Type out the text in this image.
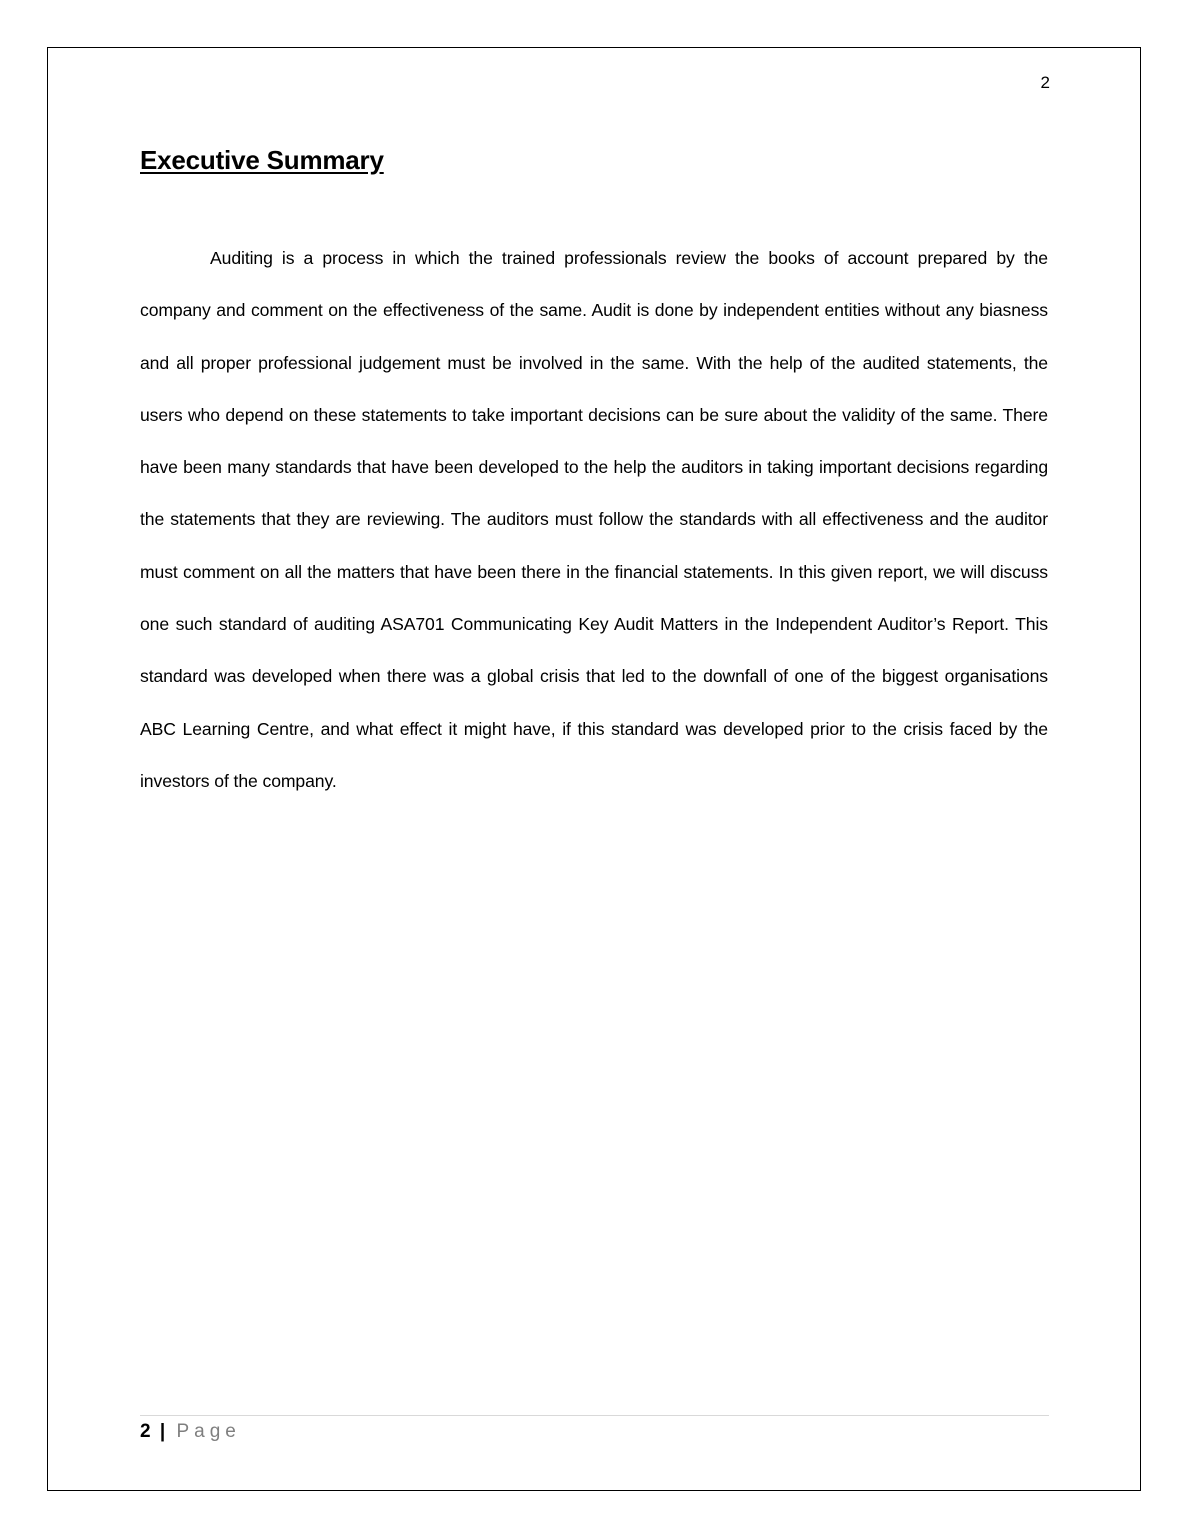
2
Executive Summary

Auditing is a process in which the trained professionals review the books of account prepared by the company and comment on the effectiveness of the same. Audit is done by independent entities without any biasness and all proper professional judgement must be involved in the same. With the help of the audited statements, the users who depend on these statements to take important decisions can be sure about the validity of the same. There have been many standards that have been developed to the help the auditors in taking important decisions regarding the statements that they are reviewing. The auditors must follow the standards with all effectiveness and the auditor must comment on all the matters that have been there in the financial statements. In this given report, we will discuss one such standard of auditing ASA701 Communicating Key Audit Matters in the Independent Auditor’s Report. This standard was developed when there was a global crisis that led to the downfall of one of the biggest organisations ABC Learning Centre, and what effect it might have, if this standard was developed prior to the crisis faced by the investors of the company.

2 | Page
